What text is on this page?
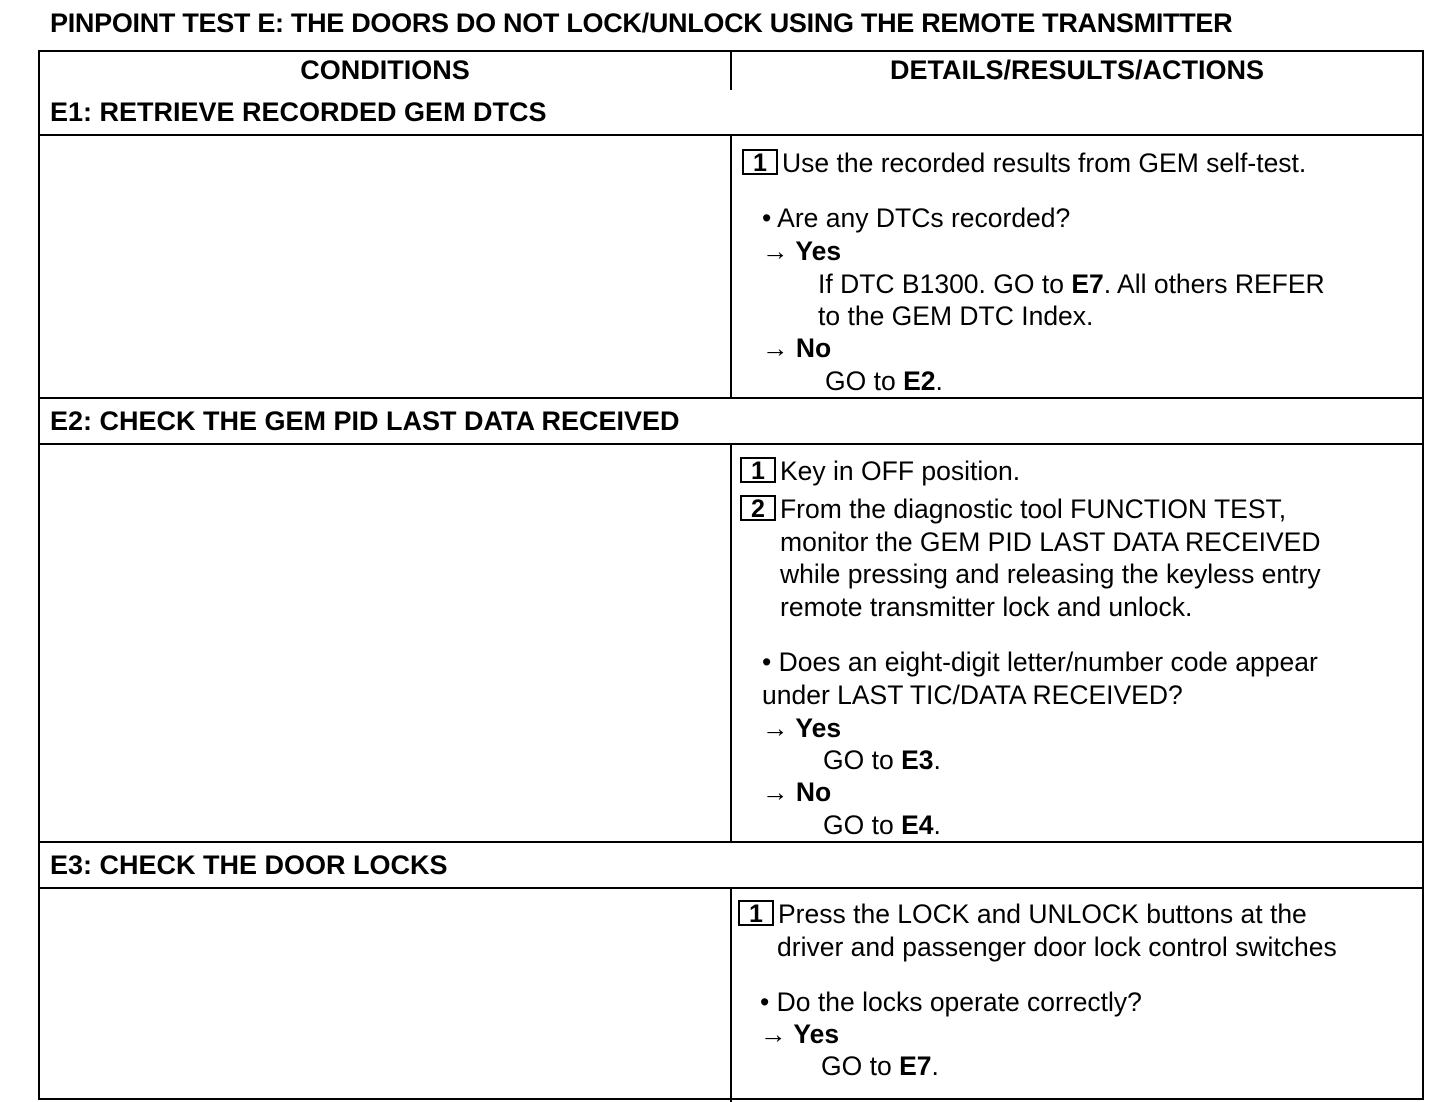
PINPOINT TEST E: THE DOORS DO NOT LOCK/UNLOCK USING THE REMOTE TRANSMITTER
CONDITIONS	DETAILS/RESULTS/ACTIONS
E1: RETRIEVE RECORDED GEM DTCS
1 Use the recorded results from GEM self-test.
• Are any DTCs recorded?
→ Yes
If DTC B1300. GO to E7. All others REFER
to the GEM DTC Index.
→ No
GO to E2.
E2: CHECK THE GEM PID LAST DATA RECEIVED
1 Key in OFF position.
2 From the diagnostic tool FUNCTION TEST,
monitor the GEM PID LAST DATA RECEIVED
while pressing and releasing the keyless entry
remote transmitter lock and unlock.
• Does an eight-digit letter/number code appear
under LAST TIC/DATA RECEIVED?
→ Yes
GO to E3.
→ No
GO to E4.
E3: CHECK THE DOOR LOCKS
1 Press the LOCK and UNLOCK buttons at the
driver and passenger door lock control switches
• Do the locks operate correctly?
→ Yes
GO to E7.
